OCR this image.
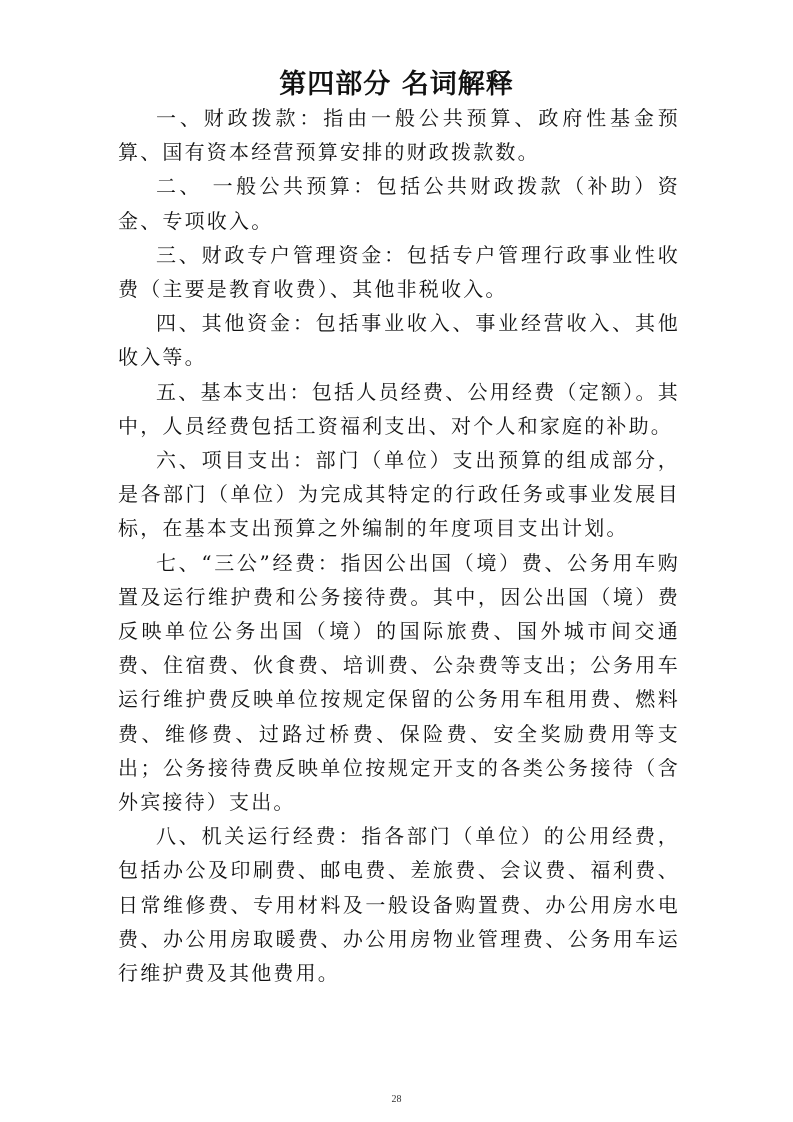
第四部分 名词解释

一、财政拨款：指由一般公共预算、政府性基金预算、国有资本经营预算安排的财政拨款数。

二、 一般公共预算：包括公共财政拨款（补助）资金、专项收入。

三、财政专户管理资金：包括专户管理行政事业性收费（主要是教育收费）、其他非税收入。

四、其他资金：包括事业收入、事业经营收入、其他收入等。

五、基本支出：包括人员经费、公用经费（定额）。其中，人员经费包括工资福利支出、对个人和家庭的补助。

六、项目支出：部门（单位）支出预算的组成部分，是各部门（单位）为完成其特定的行政任务或事业发展目标，在基本支出预算之外编制的年度项目支出计划。

七、“三公”经费：指因公出国（境）费、公务用车购置及运行维护费和公务接待费。其中，因公出国（境）费反映单位公务出国（境）的国际旅费、国外城市间交通费、住宿费、伙食费、培训费、公杂费等支出；公务用车运行维护费反映单位按规定保留的公务用车租用费、燃料费、维修费、过路过桥费、保险费、安全奖励费用等支出；公务接待费反映单位按规定开支的各类公务接待（含外宾接待）支出。

八、机关运行经费：指各部门（单位）的公用经费，包括办公及印刷费、邮电费、差旅费、会议费、福利费、日常维修费、专用材料及一般设备购置费、办公用房水电费、办公用房取暖费、办公用房物业管理费、公务用车运行维护费及其他费用。

28
